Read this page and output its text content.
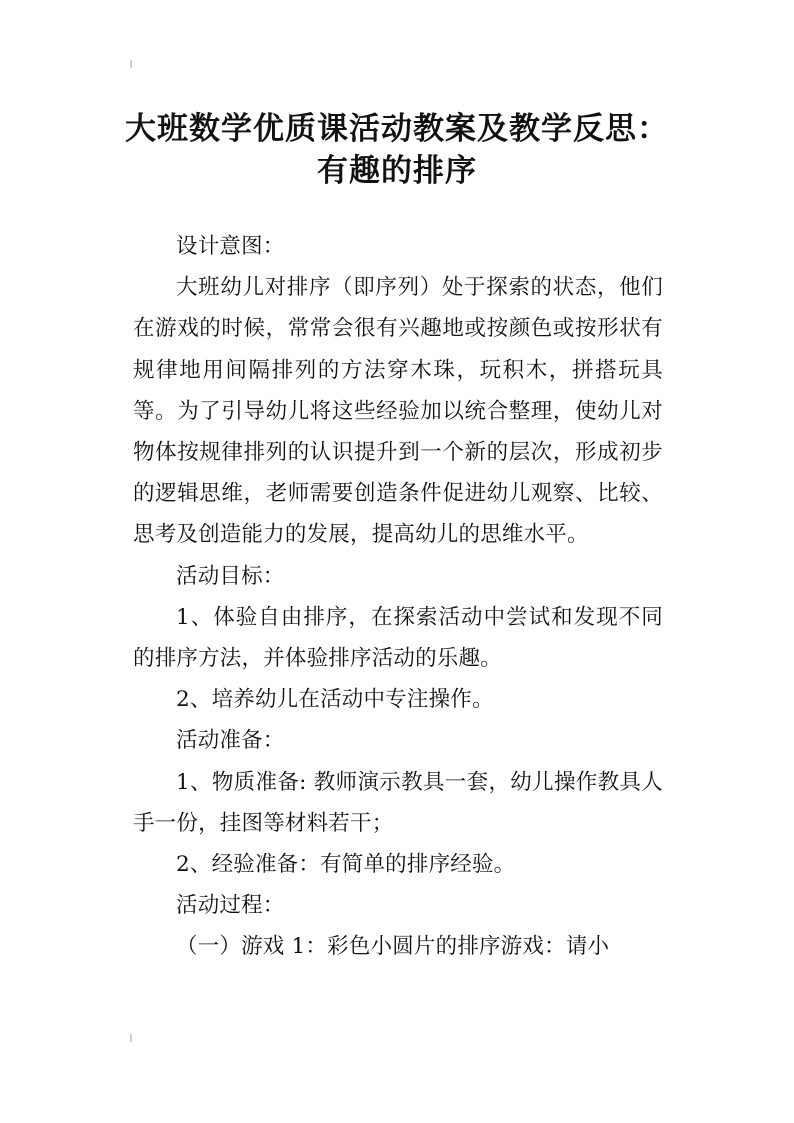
大班数学优质课活动教案及教学反思：
有趣的排序

设计意图：

大班幼儿对排序（即序列）处于探索的状态，他们在游戏的时候，常常会很有兴趣地或按颜色或按形状有规律地用间隔排列的方法穿木珠，玩积木，拼搭玩具等。为了引导幼儿将这些经验加以统合整理，使幼儿对物体按规律排列的认识提升到一个新的层次，形成初步的逻辑思维，老师需要创造条件促进幼儿观察、比较、思考及创造能力的发展，提高幼儿的思维水平。

活动目标：

1、体验自由排序，在探索活动中尝试和发现不同的排序方法，并体验排序活动的乐趣。

2、培养幼儿在活动中专注操作。

活动准备：

1、物质准备: 教师演示教具一套，幼儿操作教具人手一份，挂图等材料若干；

2、经验准备：有简单的排序经验。

活动过程：

（一）游戏 1：彩色小圆片的排序游戏：请小
